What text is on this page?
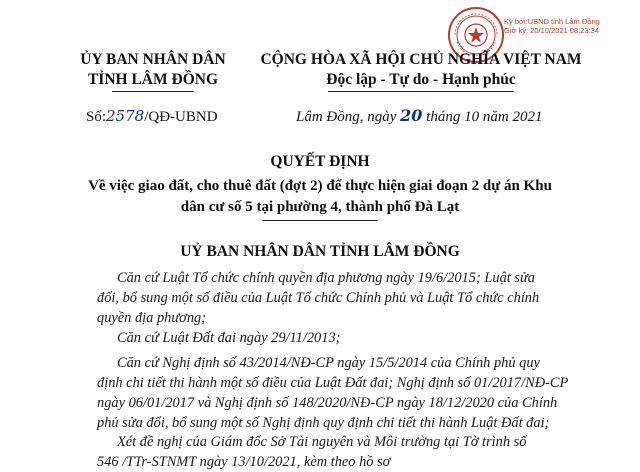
Ký bởi:UBND tỉnh Lâm Đồng
Giờ ký: 20/10/2021 08:23:34
ỦY BAN NHÂN DÂN
TỈNH LÂM ĐỒNG
Số:2578/QĐ-UBND
CỘNG HÒA XÃ HỘI CHỦ NGHĨA VIỆT NAM
Độc lập - Tự do - Hạnh phúc
Lâm Đồng, ngày 20 tháng 10 năm 2021
QUYẾT ĐỊNH
Về việc giao đất, cho thuê đất (đợt 2) để thực hiện giai đoạn 2 dự án Khu
dân cư số 5 tại phường 4, thành phố Đà Lạt
UỶ BAN NHÂN DÂN TỈNH LÂM ĐỒNG
Căn cứ Luật Tổ chức chính quyền địa phương ngày 19/6/2015; Luật sửa
đổi, bổ sung một số điều của Luật Tổ chức Chính phủ và Luật Tổ chức chính
quyền địa phương;
Căn cứ Luật Đất đai ngày 29/11/2013;
Căn cứ Nghị định số 43/2014/NĐ-CP ngày 15/5/2014 của Chính phủ quy
định chi tiết thi hành một số điều của Luật Đất đai; Nghị định số 01/2017/NĐ-CP
ngày 06/01/2017 và Nghị định số 148/2020/NĐ-CP ngày 18/12/2020 của Chính
phủ sửa đổi, bổ sung một số Nghị định quy định chi tiết thi hành Luật Đất đai;
Xét đề nghị của Giám đốc Sở Tài nguyên và Môi trường tại Tờ trình số
546 /TTr-STNMT ngày 13/10/2021, kèm theo hồ sơ
